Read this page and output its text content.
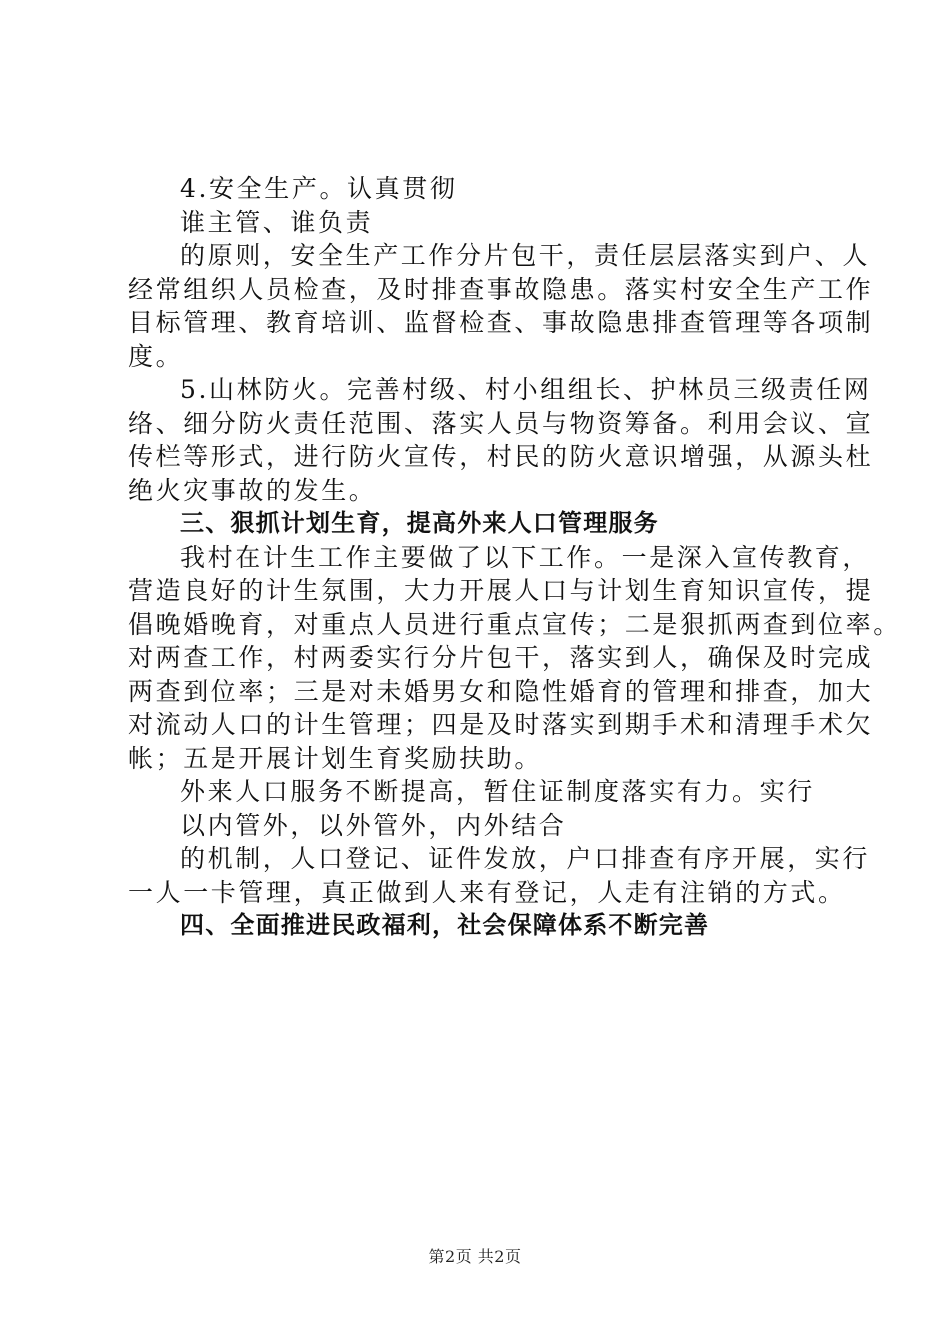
4.安全生产。认真贯彻

谁主管、谁负责

的原则，安全生产工作分片包干，责任层层落实到户、人

经常组织人员检查，及时排查事故隐患。落实村安全生产工作

目标管理、教育培训、监督检查、事故隐患排查管理等各项制

度。

5.山林防火。完善村级、村小组组长、护林员三级责任网

络、细分防火责任范围、落实人员与物资筹备。利用会议、宣

传栏等形式，进行防火宣传，村民的防火意识增强，从源头杜

绝火灾事故的发生。

三、狠抓计划生育，提高外来人口管理服务

我村在计生工作主要做了以下工作。一是深入宣传教育，

营造良好的计生氛围，大力开展人口与计划生育知识宣传，提

倡晚婚晚育，对重点人员进行重点宣传；二是狠抓两查到位率。

对两查工作，村两委实行分片包干，落实到人，确保及时完成

两查到位率；三是对未婚男女和隐性婚育的管理和排查，加大

对流动人口的计生管理；四是及时落实到期手术和清理手术欠

帐；五是开展计划生育奖励扶助。

外来人口服务不断提高，暂住证制度落实有力。实行

以内管外，以外管外，内外结合

的机制，人口登记、证件发放，户口排查有序开展，实行

一人一卡管理，真正做到人来有登记，人走有注销的方式。

四、全面推进民政福利，社会保障体系不断完善

第2页 共2页
